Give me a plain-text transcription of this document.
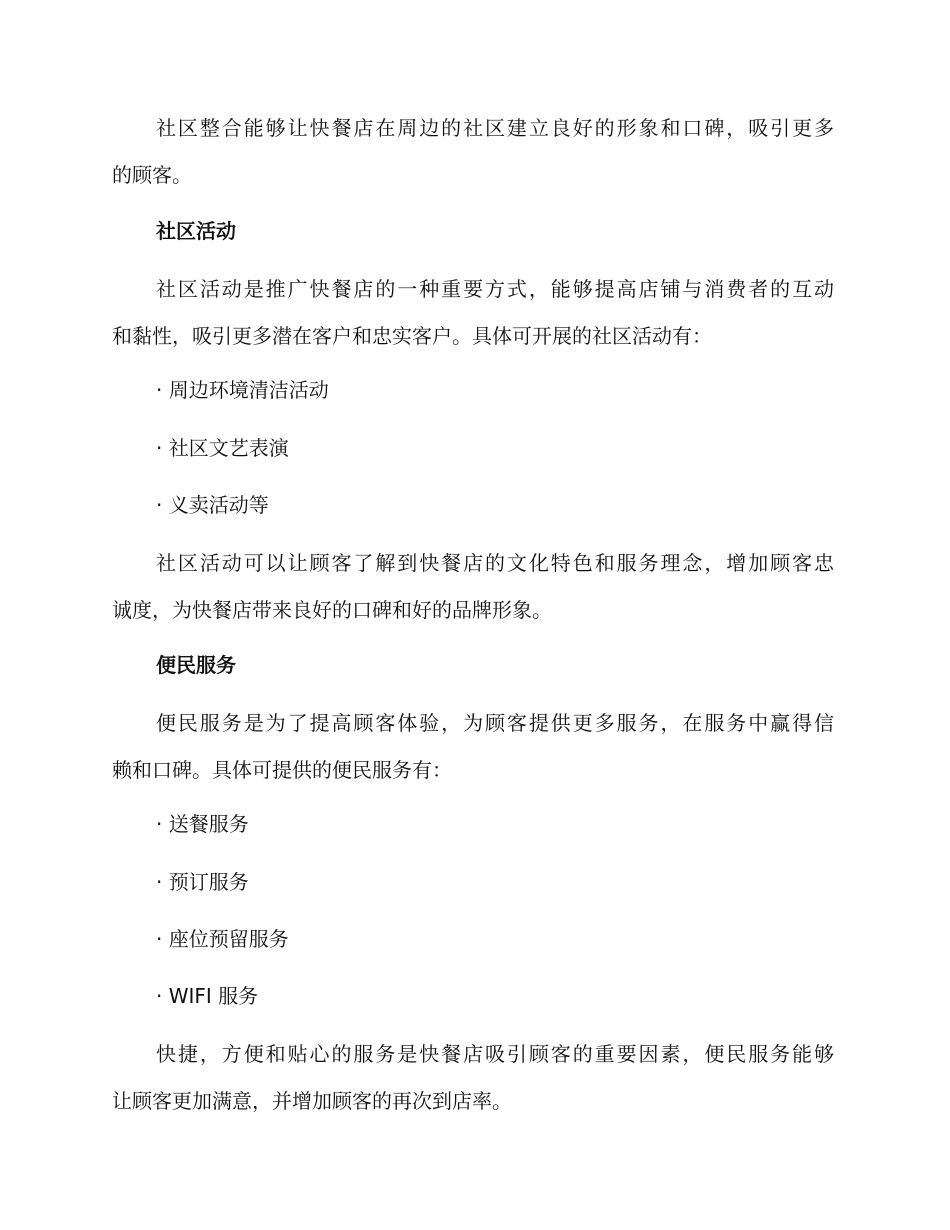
社区整合能够让快餐店在周边的社区建立良好的形象和口碑，吸引更多
的顾客。
社区活动
社区活动是推广快餐店的一种重要方式，能够提高店铺与消费者的互动
和黏性，吸引更多潜在客户和忠实客户。具体可开展的社区活动有：
· 周边环境清洁活动
· 社区文艺表演
· 义卖活动等
社区活动可以让顾客了解到快餐店的文化特色和服务理念，增加顾客忠
诚度，为快餐店带来良好的口碑和好的品牌形象。
便民服务
便民服务是为了提高顾客体验，为顾客提供更多服务，在服务中赢得信
赖和口碑。具体可提供的便民服务有：
· 送餐服务
· 预订服务
· 座位预留服务
· WIFI 服务
快捷，方便和贴心的服务是快餐店吸引顾客的重要因素，便民服务能够
让顾客更加满意，并增加顾客的再次到店率。
